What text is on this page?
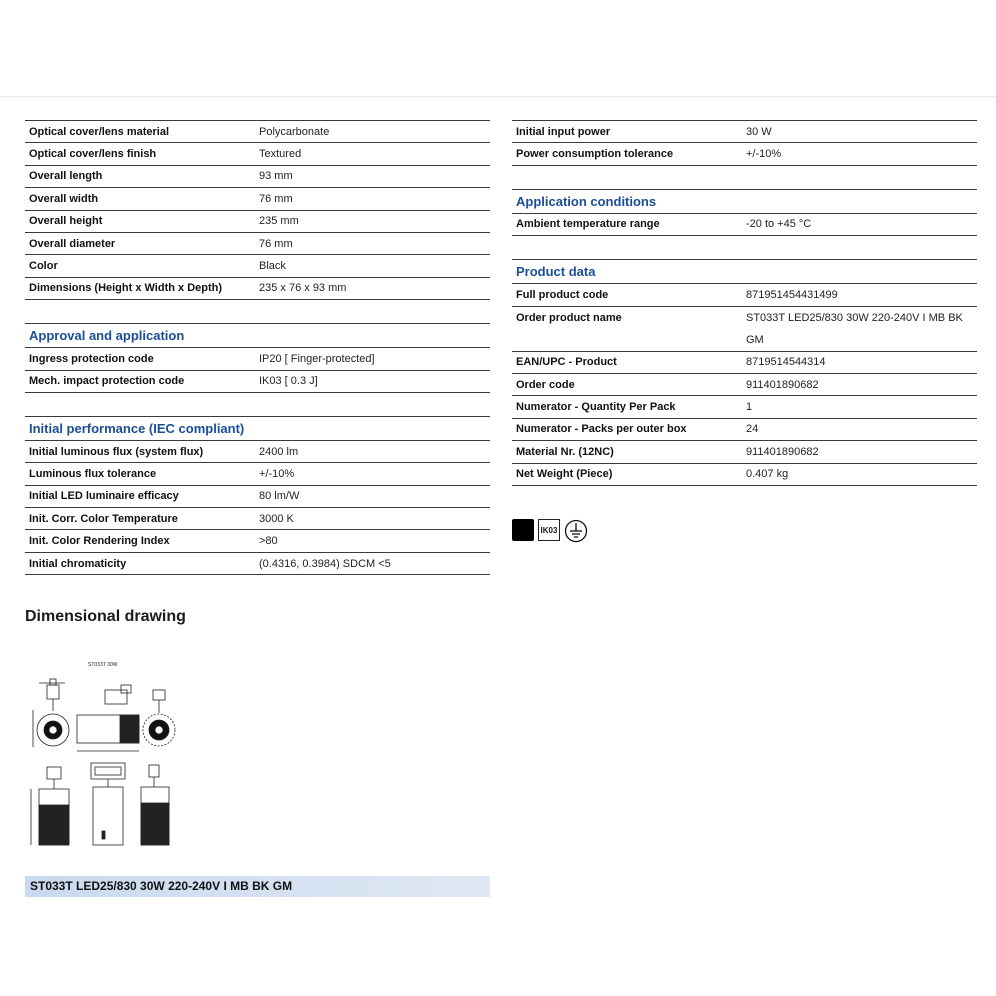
Optical cover/lens material	Polycarbonate
Optical cover/lens finish	Textured
Overall length	93 mm
Overall width	76 mm
Overall height	235 mm
Overall diameter	76 mm
Color	Black
Dimensions (Height x Width x Depth)	235 x 76 x 93 mm
Approval and application
Ingress protection code	IP20 [ Finger-protected]
Mech. impact protection code	IK03 [ 0.3 J]
Initial performance (IEC compliant)
Initial luminous flux (system flux)	2400 lm
Luminous flux tolerance	+/-10%
Initial LED luminaire efficacy	80 lm/W
Init. Corr. Color Temperature	3000 K
Init. Color Rendering Index	>80
Initial chromaticity	(0.4316, 0.3984) SDCM <5
Initial input power	30 W
Power consumption tolerance	+/-10%
Application conditions
Ambient temperature range	-20 to +45 °C
Product data
Full product code	871951454431499
Order product name	ST033T LED25/830 30W 220-240V I MB BK GM
EAN/UPC - Product	8719514544314
Order code	911401890682
Numerator - Quantity Per Pack	1
Numerator - Packs per outer box	24
Material Nr. (12NC)	911401890682
Net Weight (Piece)	0.407 kg
IK03
Dimensional drawing
ST033T 30W
ST033T LED25/830 30W 220-240V I MB BK GM
